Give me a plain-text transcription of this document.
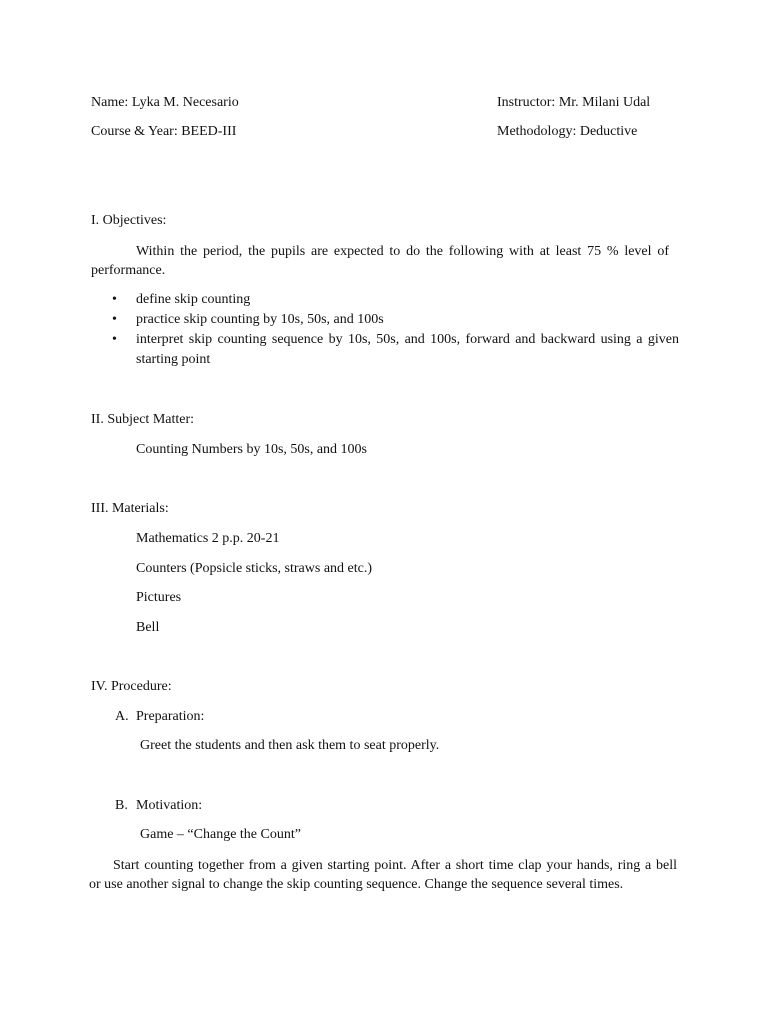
Name: Lyka M. Necesario	Instructor: Mr. Milani Udal
Course & Year: BEED-III	Methodology: Deductive
I. Objectives:
Within the period, the pupils are expected to do the following with at least 75 % level of performance.
• define skip counting
• practice skip counting by 10s, 50s, and 100s
• interpret skip counting sequence by 10s, 50s, and 100s, forward and backward using a given starting point
II. Subject Matter:
Counting Numbers by 10s, 50s, and 100s
III. Materials:
Mathematics 2 p.p. 20-21
Counters (Popsicle sticks, straws and etc.)
Pictures
Bell
IV. Procedure:
A. Preparation:
Greet the students and then ask them to seat properly.
B. Motivation:
Game – “Change the Count”
Start counting together from a given starting point. After a short time clap your hands, ring a bell     or use another signal to change the skip counting sequence. Change the sequence several times.
